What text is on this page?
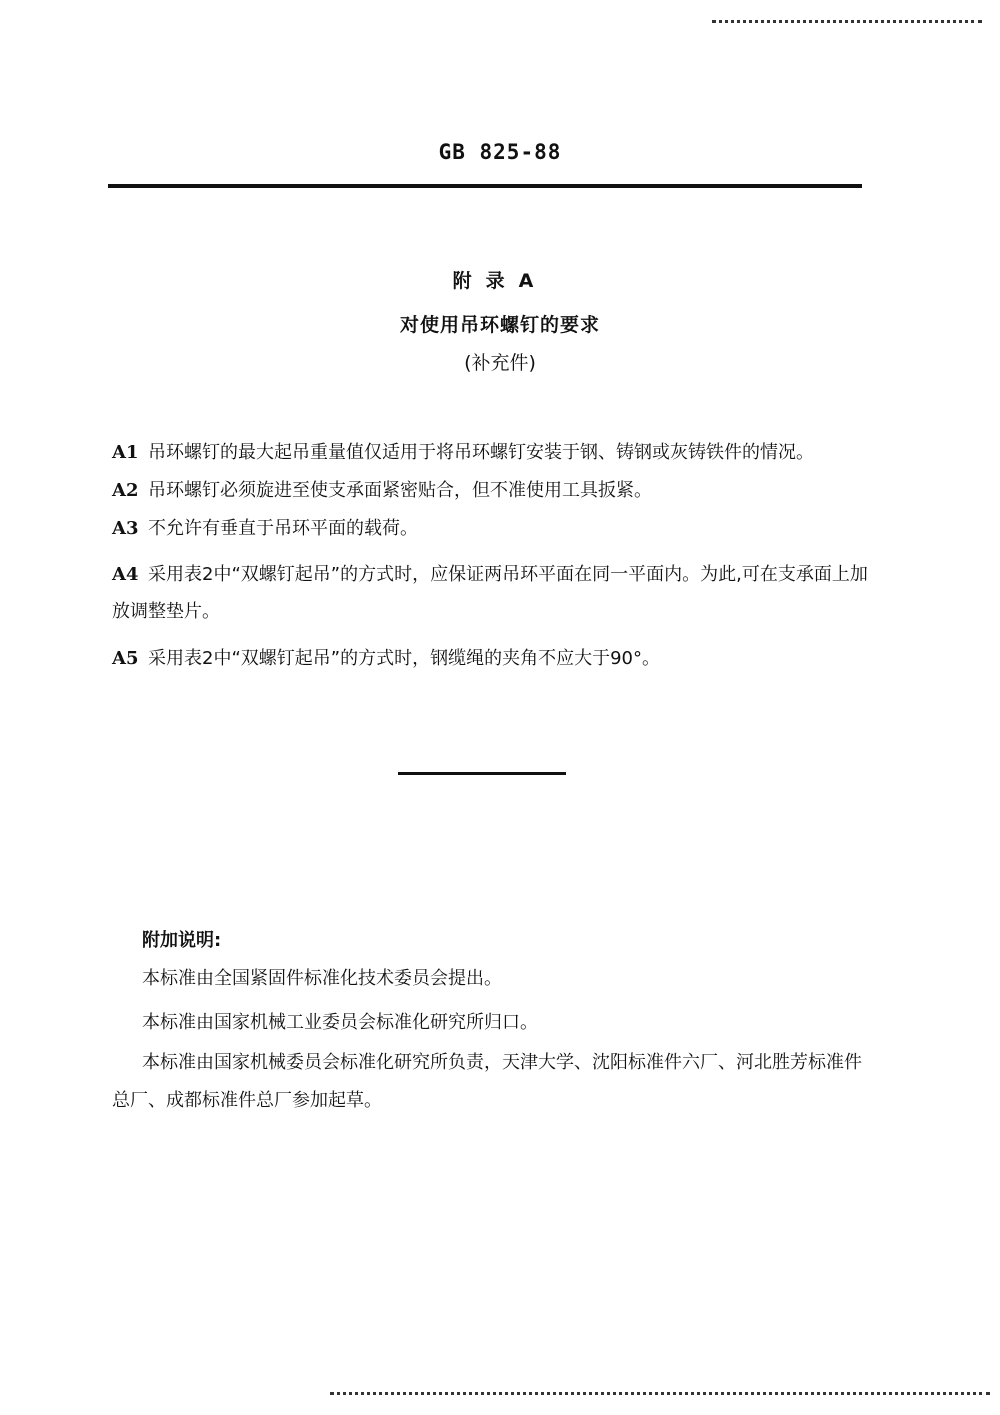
GB 825-88
附录A
对使用吊环螺钉的要求
(补充件)
A1 吊环螺钉的最大起吊重量值仅适用于将吊环螺钉安装于钢、铸钢或灰铸铁件的情况。
A2 吊环螺钉必须旋进至使支承面紧密贴合，但不准使用工具扳紧。
A3 不允许有垂直于吊环平面的载荷。
A4 采用表2中“双螺钉起吊”的方式时，应保证两吊环平面在同一平面内。为此,可在支承面上加放调整垫片。
A5 采用表2中“双螺钉起吊”的方式时，钢缆绳的夹角不应大于90°。
附加说明:
本标准由全国紧固件标准化技术委员会提出。
本标准由国家机械工业委员会标准化研究所归口。
本标准由国家机械委员会标准化研究所负责，天津大学、沈阳标准件六厂、河北胜芳标准件总厂、成都标准件总厂参加起草。
